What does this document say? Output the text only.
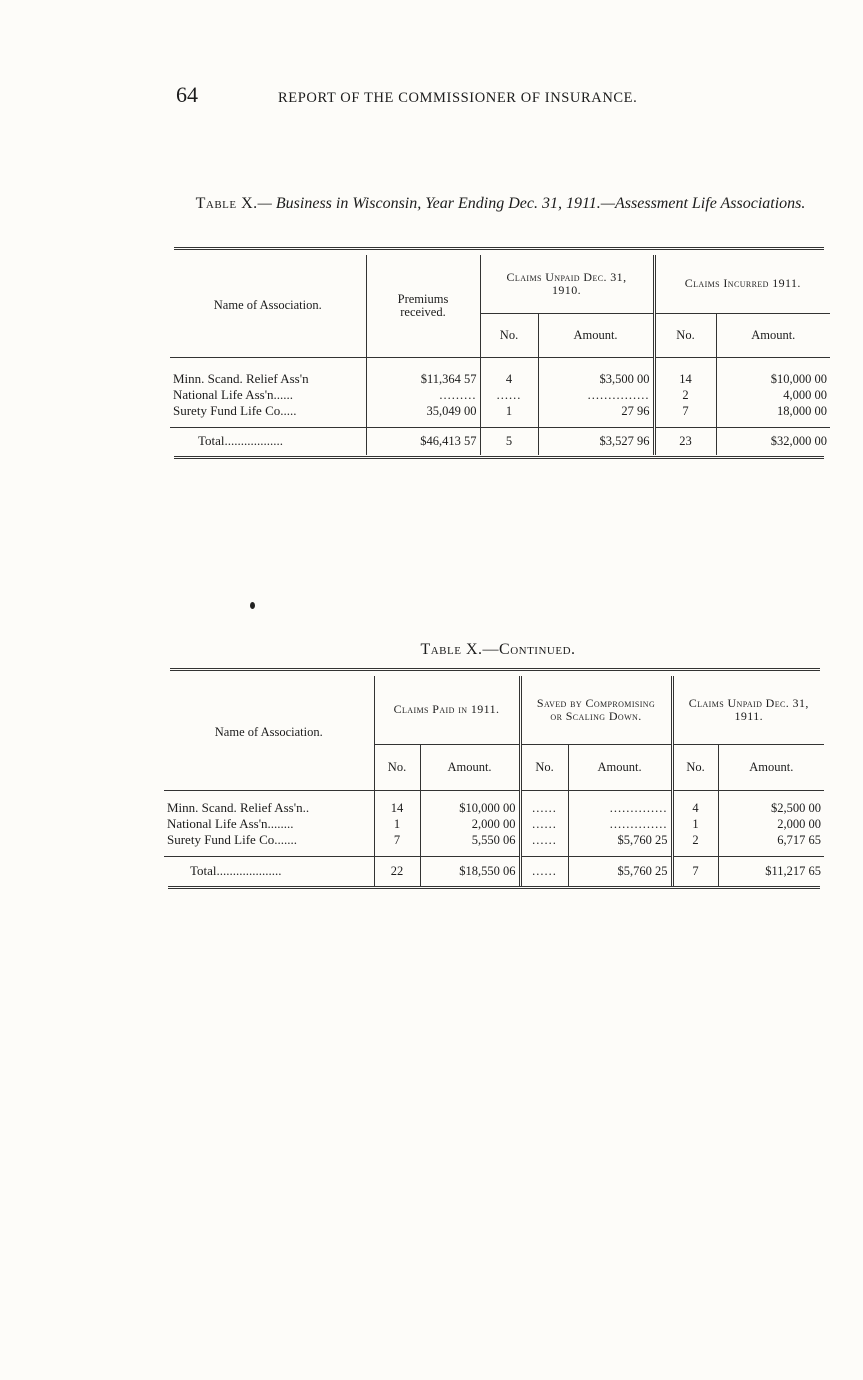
64	REPORT OF THE COMMISSIONER OF INSURANCE.
Table X.— Business in Wisconsin, Year Ending Dec. 31, 1911.—Assessment Life Associations.
Name of Association.	Premiums received.	Claims Unpaid Dec. 31, 1910.		Claims Incurred 1911.	
		No.	Amount.	No.	Amount.

Minn. Scand. Relief Ass'n	$11,364 57	4	$3,500 00	14	$10,000 00
National Life Ass'n......	.........	......	...............	2	4,000 00
Surety Fund Life Co.....	35,049 00	1	27 96	7	18,000 00

Total..................	$46,413 57	5	$3,527 96	23	$32,000 00
Table X.—Continued.
Name of Association.	Claims Paid in 1911.		Saved by Compromising or Scaling Down.		Claims Unpaid Dec. 31, 1911.	
	No.	Amount.	No.	Amount.	No.	Amount.

Minn. Scand. Relief Ass'n..	14	$10,000 00	......	..............	4	$2,500 00
National Life Ass'n........	1	2,000 00	......	..............	1	2,000 00
Surety Fund Life Co.......	7	5,550 06	......	$5,760 25	2	6,717 65

Total....................	22	$18,550 06	......	$5,760 25	7	$11,217 65
